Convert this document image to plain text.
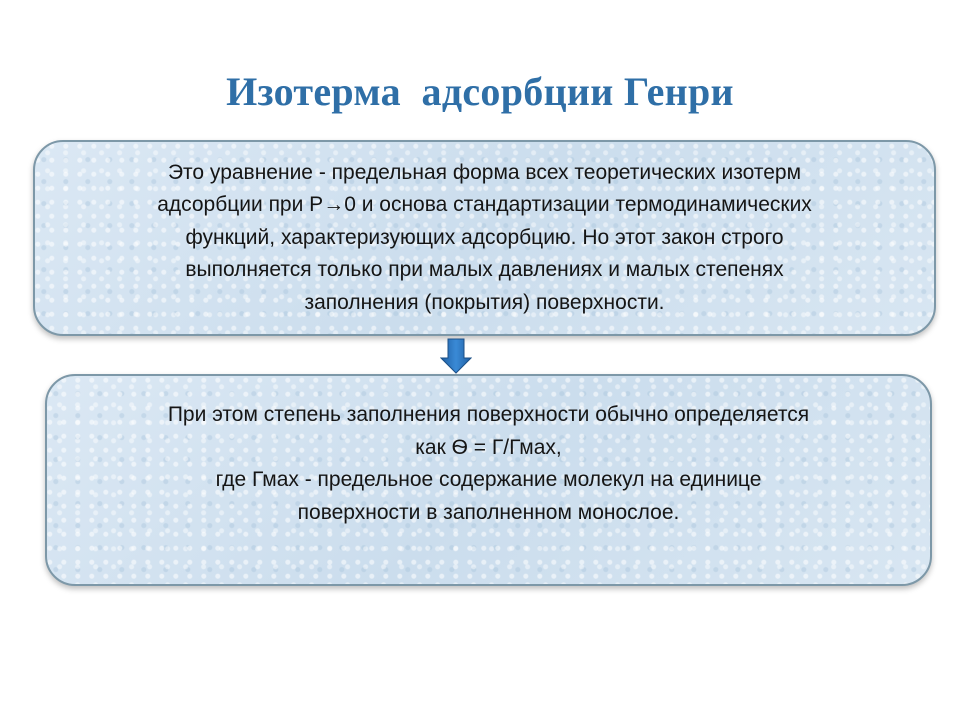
Изотерма  адсорбции Генри
Это уравнение - предельная форма всех теоретических изотерм
адсорбции при P→0 и основа стандартизации термодинамических
функций, характеризующих адсорбцию. Но этот закон строго
выполняется только при малых давлениях и малых степенях
заполнения (покрытия) поверхности.
При этом степень заполнения поверхности обычно определяется
как Ѳ = Г/Гмах,
где Гмах - предельное содержание молекул на единице
поверхности в заполненном монослое.
